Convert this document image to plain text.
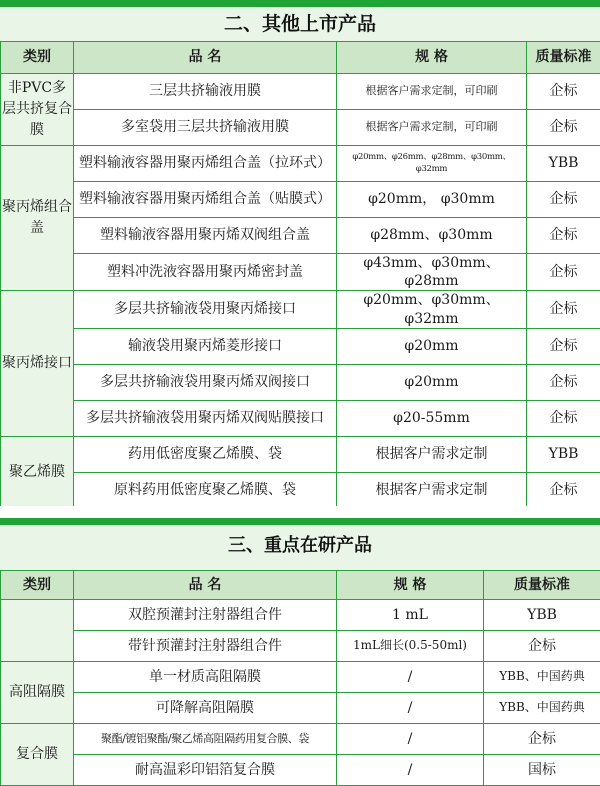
二、其他上市产品
类别	品 名	规 格	质量标准
非PVC多层共挤复合膜	三层共挤输液用膜	根据客户需求定制，可印刷	企标
	多室袋用三层共挤输液用膜	根据客户需求定制，可印刷	企标
聚丙烯组合盖	塑料输液容器用聚丙烯组合盖（拉环式）	φ20mm、φ26mm、φ28mm、φ30mm、φ32mm	YBB
	塑料输液容器用聚丙烯组合盖（贴膜式）	φ20mm， φ30mm	企标
	塑料输液容器用聚丙烯双阀组合盖	φ28mm、φ30mm	企标
	塑料冲洗液容器用聚丙烯密封盖	φ43mm、φ30mm、φ28mm	企标
聚丙烯接口	多层共挤输液袋用聚丙烯接口	φ20mm、φ30mm、φ32mm	企标
	输液袋用聚丙烯菱形接口	φ20mm	企标
	多层共挤输液袋用聚丙烯双阀接口	φ20mm	企标
	多层共挤输液袋用聚丙烯双阀贴膜接口	φ20-55mm	企标
聚乙烯膜	药用低密度聚乙烯膜、袋	根据客户需求定制	YBB
	原料药用低密度聚乙烯膜、袋	根据客户需求定制	企标
三、重点在研产品
类别	品 名	规 格	质量标准
	双腔预灌封注射器组合件	1 mL	YBB
	带针预灌封注射器组合件	1mL细长(0.5-50ml)	企标
高阻隔膜	单一材质高阻隔膜	/	YBB、中国药典
	可降解高阻隔膜	/	YBB、中国药典
复合膜	聚酯/镀铝聚酯/聚乙烯高阻隔药用复合膜、袋	/	企标
	耐高温彩印铝箔复合膜	/	国标
